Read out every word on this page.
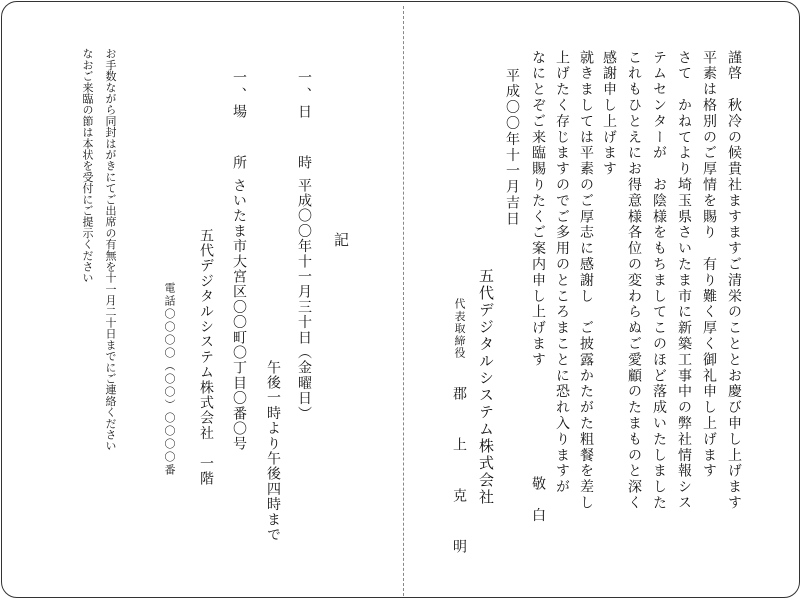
謹啓　秋冷の候貴社ますますご清栄のこととお慶び申し上げます
平素は格別のご厚情を賜り　有り難く厚く御礼申し上げます
さて　かねてより埼玉県さいたま市に新築工事中の弊社情報シス
テムセンターが　お陰様をもちましてこのほど落成いたしました
これもひとえにお得意様各位の変わらぬご愛顧のたまものと深く
感謝申し上げます
就きましては平素のご厚志に感謝し　ご披露かたがた粗餐を差し
上げたく存じますのでご多用のところまことに恐れ入りますが
なにとぞご来臨賜りたくご案内申し上げます
敬　白
平成〇〇年十一月吉日
五代デジタルシステム株式会社
代表取締役
郡　　上　　克　　明
記
一、日　　時
平成〇〇年十一月三十日（金曜日）
午後一時より午後四時まで
一、場　　所
さいたま市大宮区〇〇町〇丁目〇番〇号
五代デジタルシステム株式会社　一階
電話〇〇〇〇（〇〇）〇〇〇〇番
お手数ながら同封はがきにてご出席の有無を十一月二十日までにご連絡ください
なおご来臨の節は本状を受付にご提示ください
